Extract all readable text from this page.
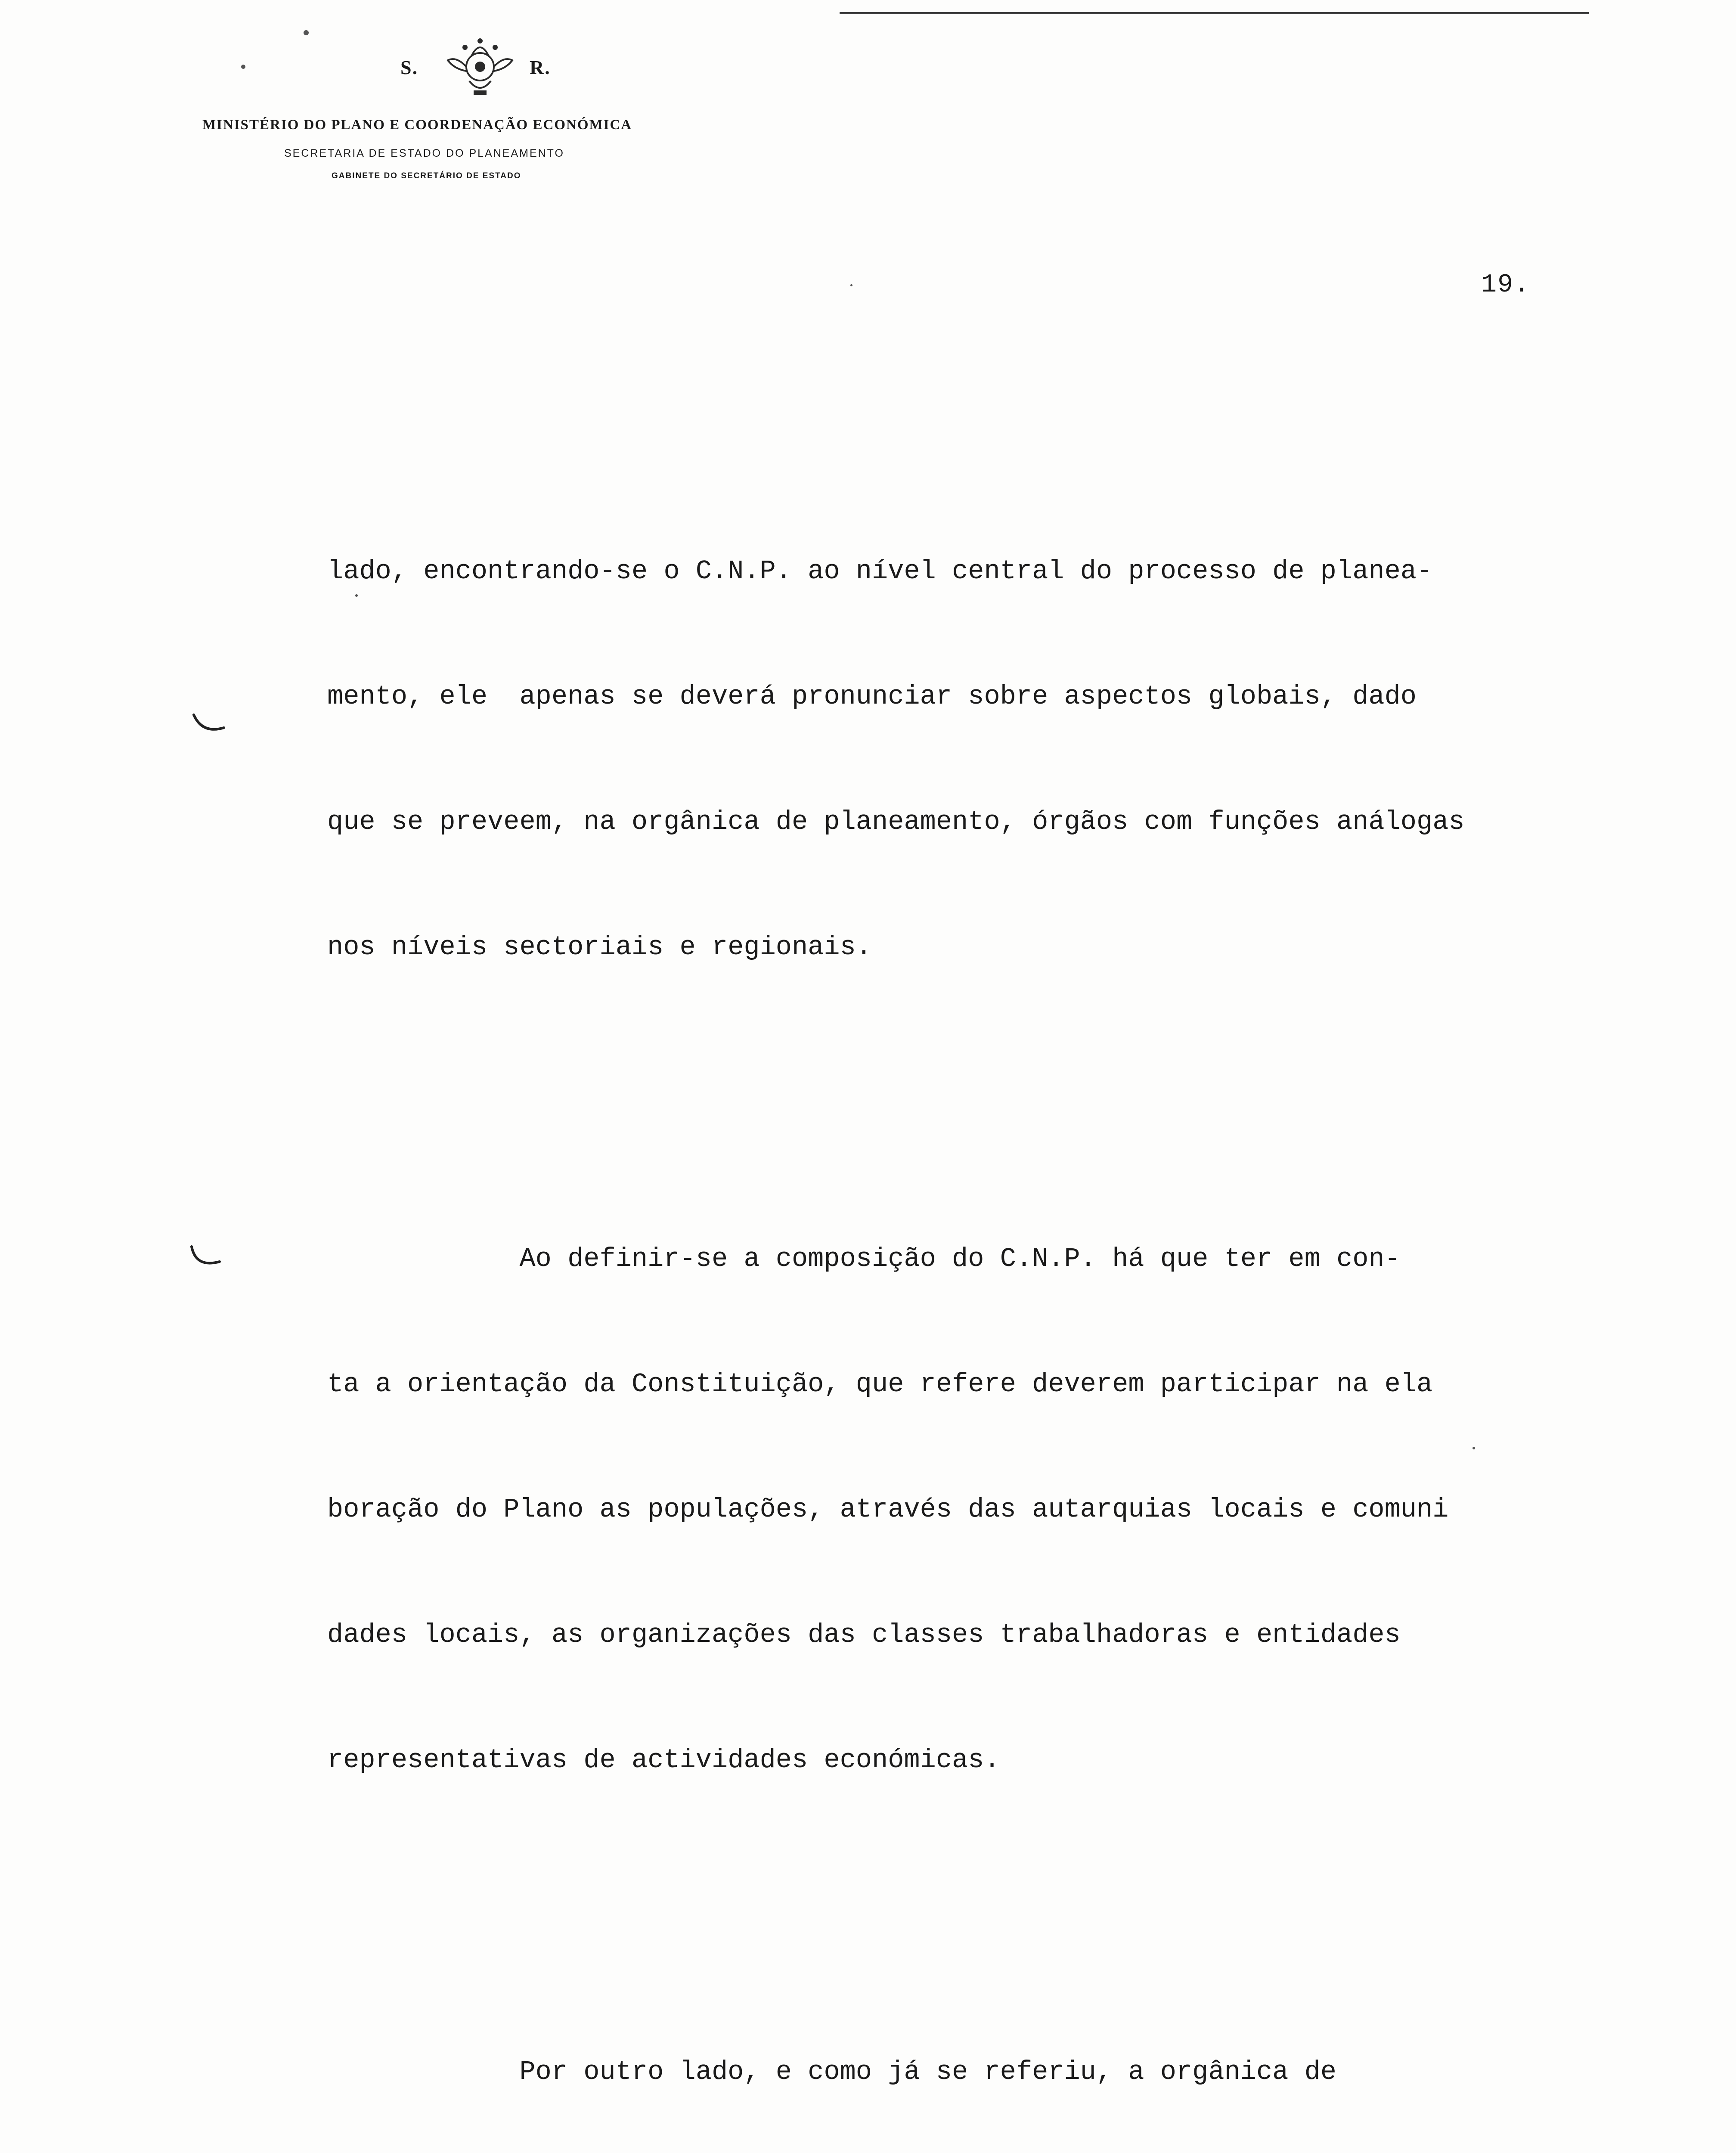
S.	R.
MINISTÉRIO DO PLANO E COORDENAÇÃO ECONÓMICA
SECRETARIA DE ESTADO DO PLANEAMENTO
GABINETE DO SECRETÁRIO DE ESTADO
19.

lado, encontrando-se o C.N.P. ao nível central do processo de planea-

mento, ele  apenas se deverá pronunciar sobre aspectos globais, dado

que se preveem, na orgânica de planeamento, órgãos com funções análogas

nos níveis sectoriais e regionais.

Ao definir-se a composição do C.N.P. há que ter em con-

ta a orientação da Constituição, que refere deverem participar na ela

boração do Plano as populações, através das autarquias locais e comuni

dades locais, as organizações das classes trabalhadoras e entidades

representativas de actividades económicas.

Por outro lado, e como já se referiu, a orgânica de
